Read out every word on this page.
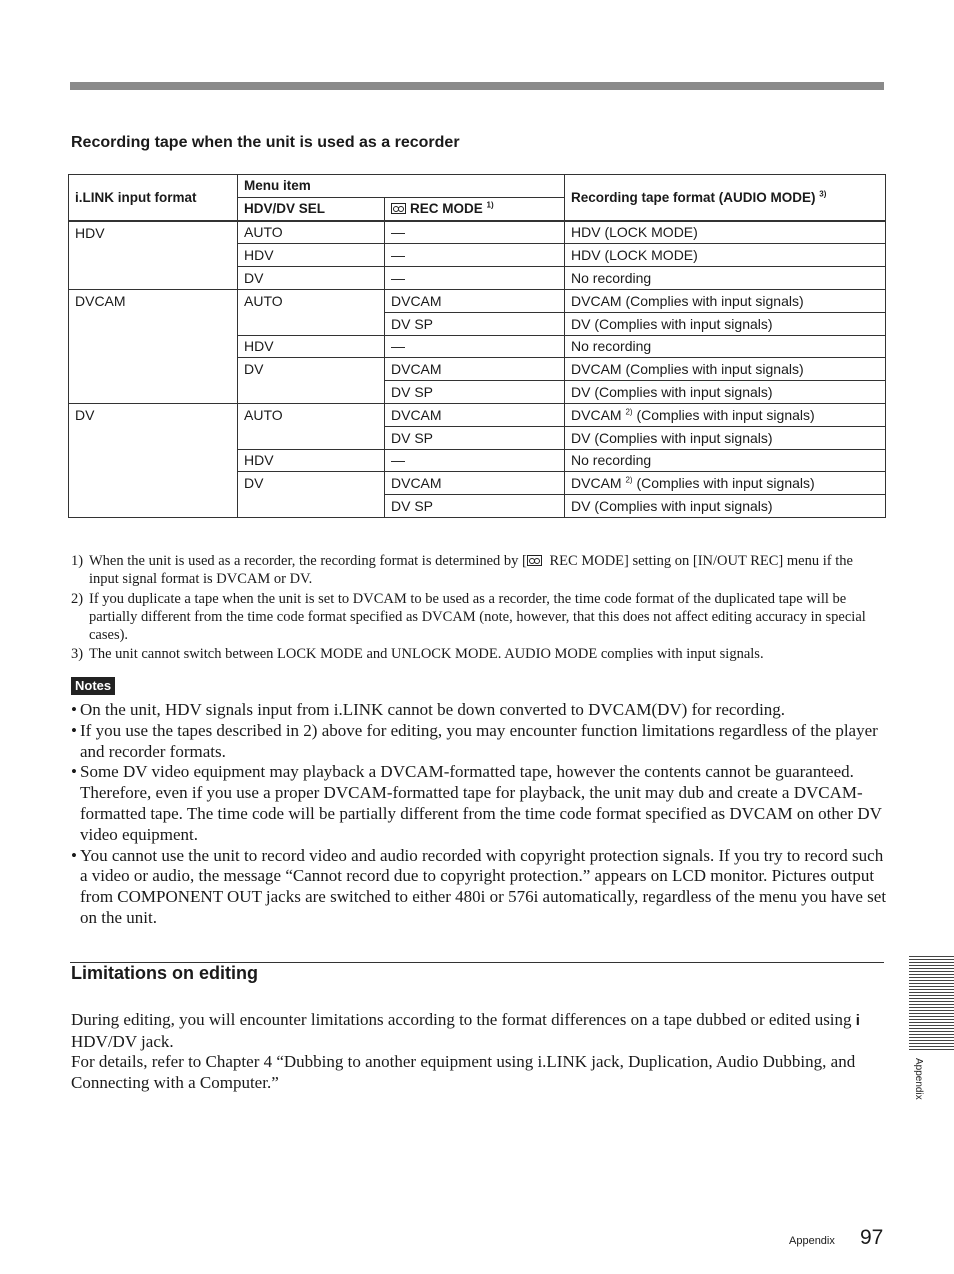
Recording tape when the unit is used as a recorder
i.LINK input format	Menu item		Recording tape format (AUDIO MODE) $^{3)}$
	HDV/DV SEL	REC MODE $^{1)}$
HDV	AUTO	—	HDV (LOCK MODE)
	HDV	—	HDV (LOCK MODE)
	DV	—	No recording
DVCAM	AUTO	DVCAM	DVCAM (Complies with input signals)
		DV SP	DV (Complies with input signals)
	HDV	—	No recording
	DV	DVCAM	DVCAM (Complies with input signals)
		DV SP	DV (Complies with input signals)
DV	AUTO	DVCAM	DVCAM $^{2)}$ (Complies with input signals)
		DV SP	DV (Complies with input signals)
	HDV	—	No recording
	DV	DVCAM	DVCAM $^{2)}$ (Complies with input signals)
		DV SP	DV (Complies with input signals)
1) When the unit is used as a recorder, the recording format is determined by [ REC MODE] setting on [IN/OUT REC] menu if the input signal format is DVCAM or DV.
2) If you duplicate a tape when the unit is set to DVCAM to be used as a recorder, the time code format of the duplicated tape will be partially different from the time code format specified as DVCAM (note, however, that this does not affect editing accuracy in special cases).
3) The unit cannot switch between LOCK MODE and UNLOCK MODE. AUDIO MODE complies with input signals.
Notes
• On the unit, HDV signals input from i.LINK cannot be down converted to DVCAM(DV) for recording.
• If you use the tapes described in 2) above for editing, you may encounter function limitations regardless of the player and recorder formats.
• Some DV video equipment may playback a DVCAM-formatted tape, however the contents cannot be guaranteed. Therefore, even if you use a proper DVCAM-formatted tape for playback, the unit may dub and create a DVCAM-formatted tape. The time code will be partially different from the time code format specified as DVCAM on other DV video equipment.
• You cannot use the unit to record video and audio recorded with copyright protection signals. If you try to record such a video or audio, the message “Cannot record due to copyright protection.” appears on LCD monitor. Pictures output from COMPONENT OUT jacks are switched to either 480i or 576i automatically, regardless of the menu you have set on the unit.
Limitations on editing
During editing, you will encounter limitations according to the format differences on a tape dubbed or edited using i HDV/DV jack.
For details, refer to Chapter 4 “Dubbing to another equipment using i.LINK jack, Duplication, Audio Dubbing, and Connecting with a Computer.”	Appendix
Appendix 97
